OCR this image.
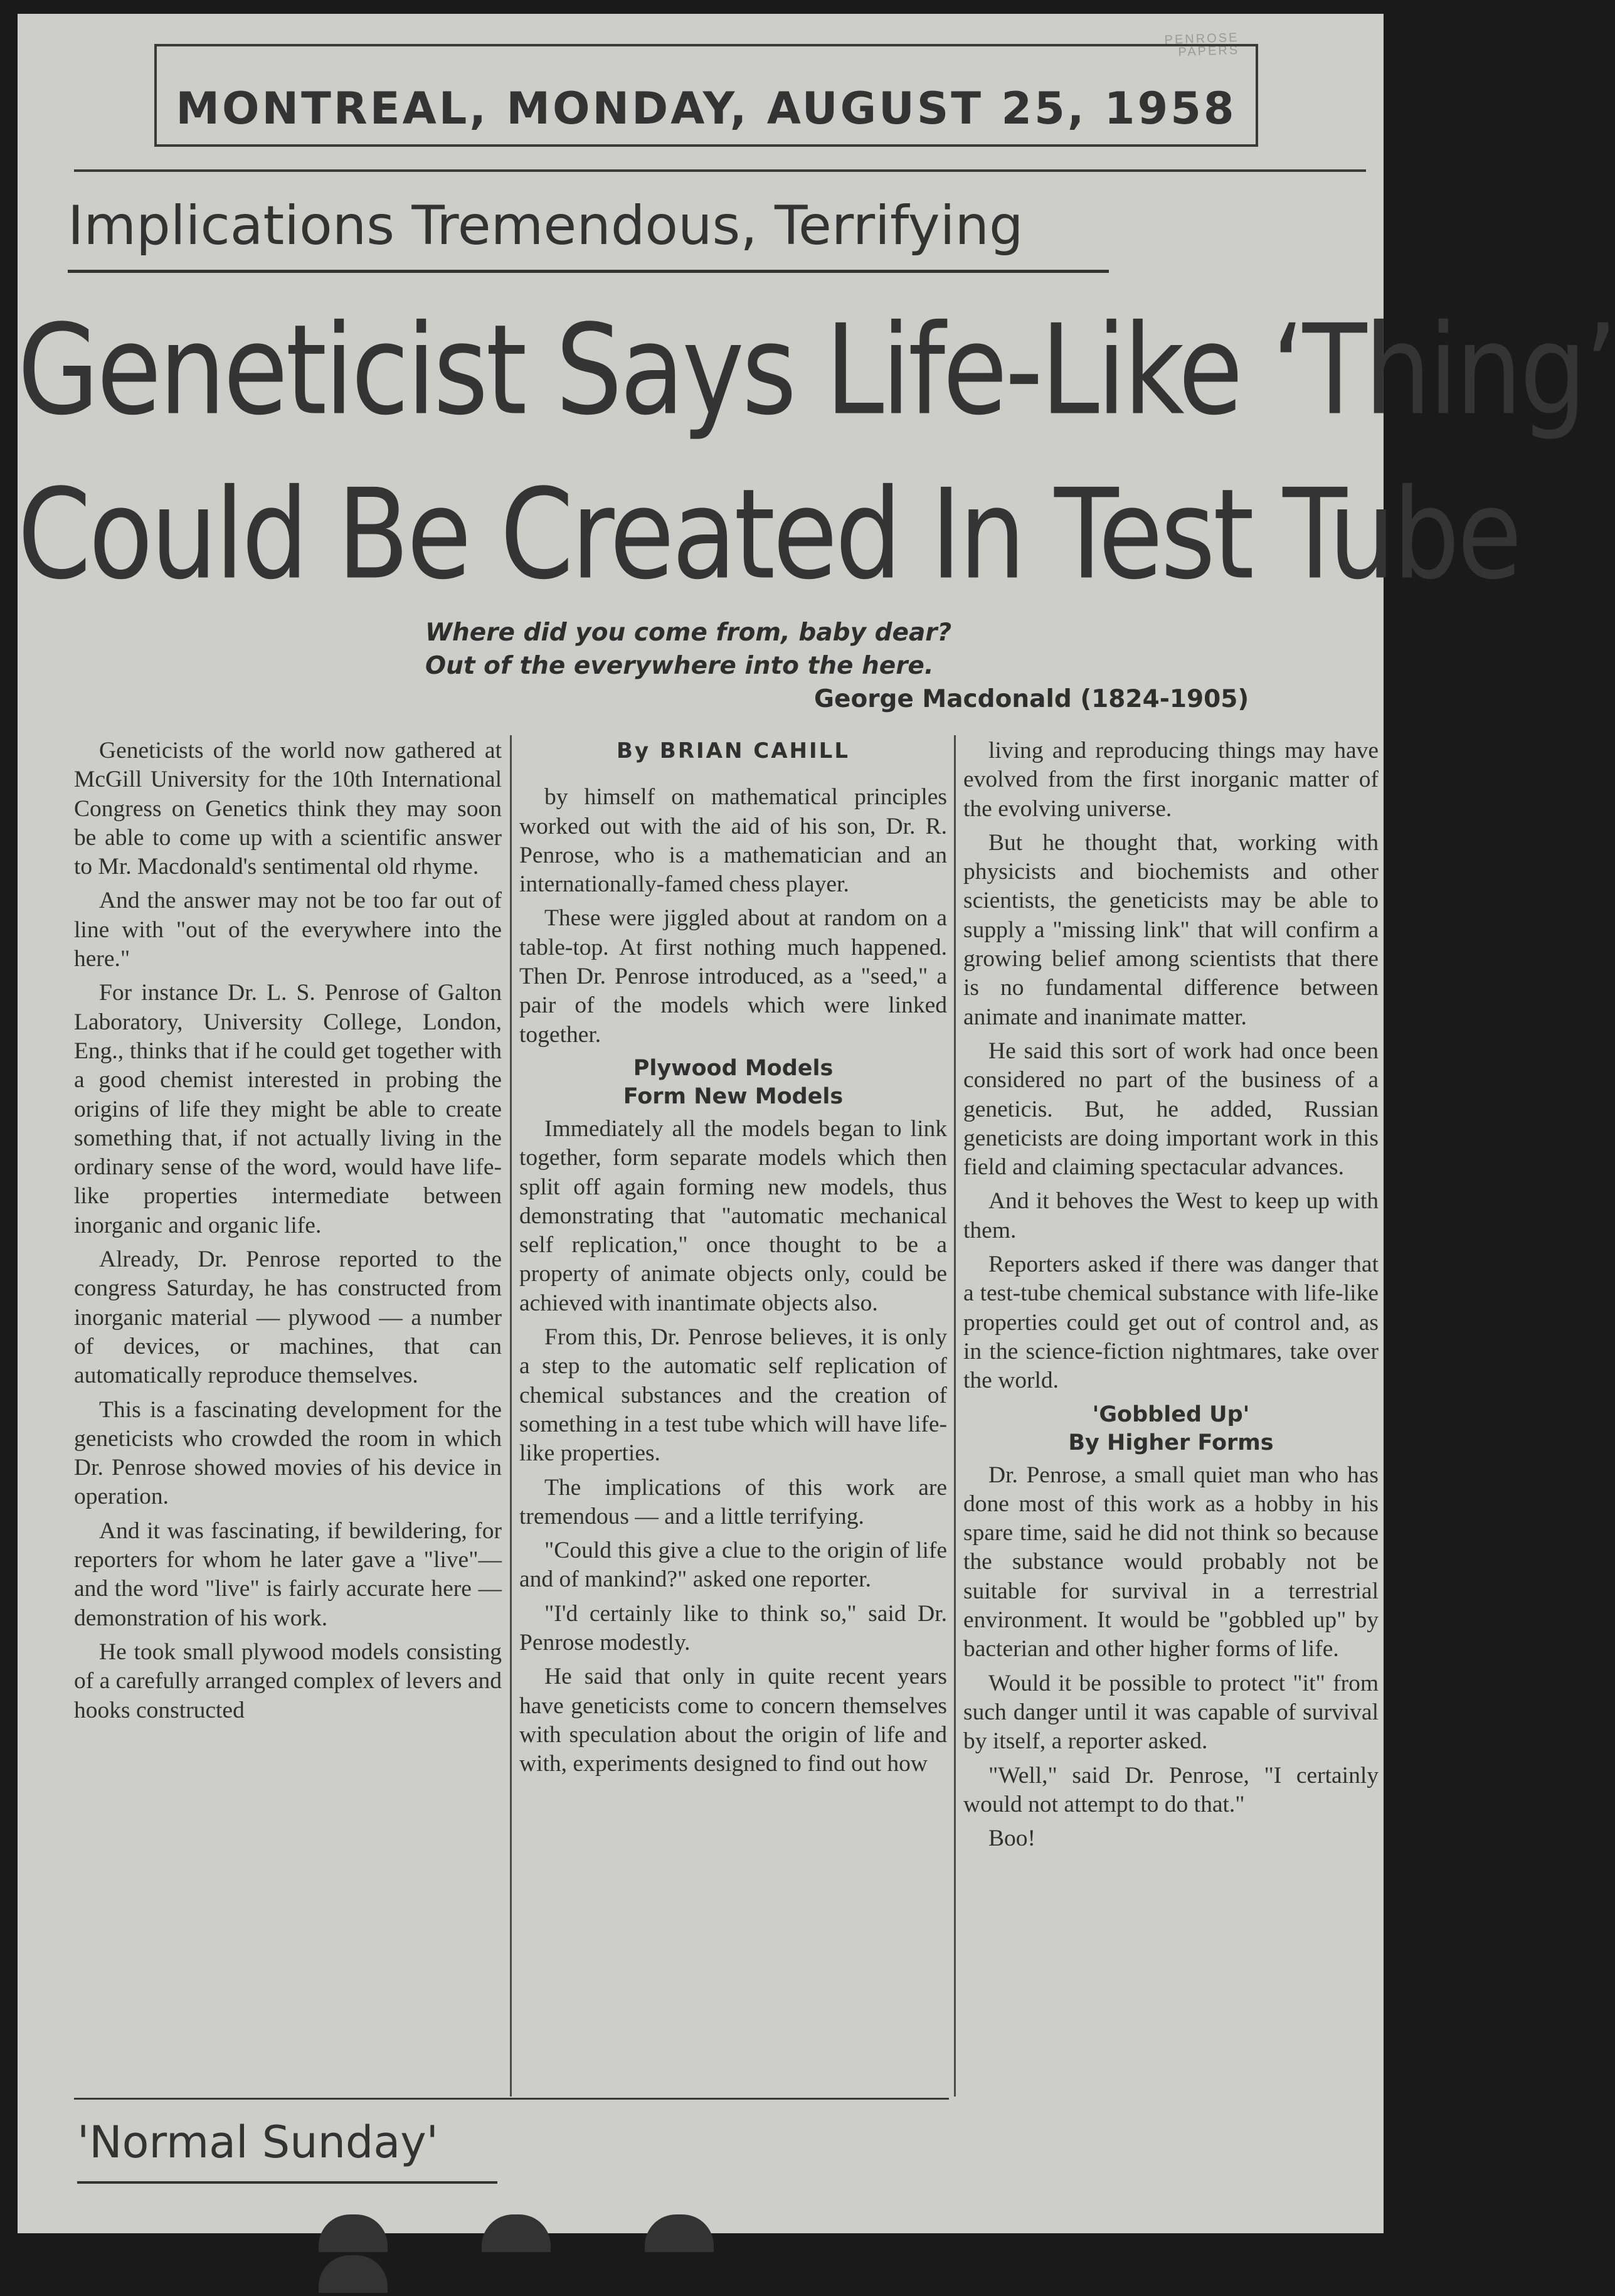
PENROSE
PAPERS
MONTREAL, MONDAY, AUGUST 25, 1958
Implications Tremendous, Terrifying
Geneticist Says Life-Like ‘Thing’
Could Be Created In Test Tube
Where did you come from, baby dear?
Out of the everywhere into the here.
George Macdonald (1824-1905)

Geneticists of the world now gathered at McGill University for the 10th International Congress on Genetics think they may soon be able to come up with a scientific answer to Mr. Macdonald's sentimental old rhyme.

And the answer may not be too far out of line with "out of the everywhere into the here."

For instance Dr. L. S. Penrose of Galton Laboratory, University College, London, Eng., thinks that if he could get together with a good chemist interested in probing the origins of life they might be able to create something that, if not actually living in the ordinary sense of the word, would have life-like properties intermediate between inorganic and organic life.

Already, Dr. Penrose reported to the congress Saturday, he has constructed from inorganic material — plywood — a number of devices, or machines, that can automatically reproduce themselves.

This is a fascinating development for the geneticists who crowded the room in which Dr. Penrose showed movies of his device in operation.

And it was fascinating, if bewildering, for reporters for whom he later gave a "live"—and the word "live" is fairly accurate here — demonstration of his work.

He took small plywood models consisting of a carefully arranged complex of levers and hooks constructed

By BRIAN CAHILL

by himself on mathematical principles worked out with the aid of his son, Dr. R. Penrose, who is a mathematician and an internationally-famed chess player.

These were jiggled about at random on a table-top. At first nothing much happened. Then Dr. Penrose introduced, as a "seed," a pair of the models which were linked together.

Plywood Models
Form New Models

Immediately all the models began to link together, form separate models which then split off again forming new models, thus demonstrating that "automatic mechanical self replication," once thought to be a property of animate objects only, could be achieved with inantimate objects also.

From this, Dr. Penrose believes, it is only a step to the automatic self replication of chemical substances and the creation of something in a test tube which will have life-like properties.

The implications of this work are tremendous — and a little terrifying.

"Could this give a clue to the origin of life and of mankind?" asked one reporter.

"I'd certainly like to think so," said Dr. Penrose modestly.

He said that only in quite recent years have geneticists come to concern themselves with speculation about the origin of life and with, experiments designed to find out how

living and reproducing things may have evolved from the first inorganic matter of the evolving universe.

But he thought that, working with physicists and biochemists and other scientists, the geneticists may be able to supply a "missing link" that will confirm a growing belief among scientists that there is no fundamental difference between animate and inanimate matter.

He said this sort of work had once been considered no part of the business of a geneticis. But, he added, Russian geneticists are doing important work in this field and claiming spectacular advances.

And it behoves the West to keep up with them.

Reporters asked if there was danger that a test-tube chemical substance with life-like properties could get out of control and, as in the science-fiction nightmares, take over the world.

'Gobbled Up'
By Higher Forms

Dr. Penrose, a small quiet man who has done most of this work as a hobby in his spare time, said he did not think so because the substance would probably not be suitable for survival in a terrestrial environment. It would be "gobbled up" by bacterian and other higher forms of life.

Would it be possible to protect "it" from such danger until it was capable of survival by itself, a reporter asked.

"Well," said Dr. Penrose, "I certainly would not attempt to do that."

Boo!

'Normal Sunday'
